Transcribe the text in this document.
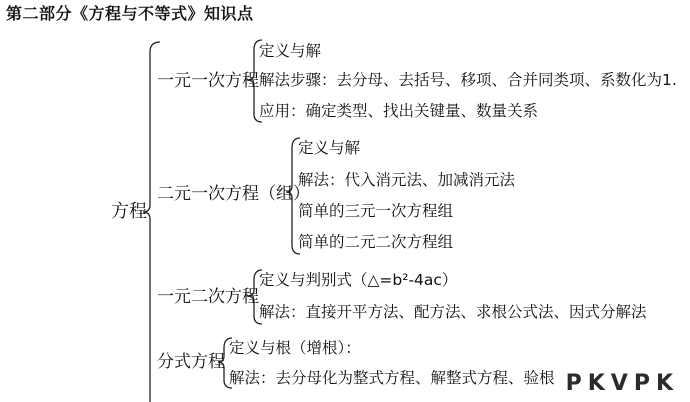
第二部分《方程与不等式》知识点
方程
一元一次方程
定义与解
解法步骤：去分母、去括号、移项、合并同类项、系数化为1.
应用：确定类型、找出关键量、数量关系
二元一次方程（组）
定义与解
解法：代入消元法、加减消元法
简单的三元一次方程组
简单的二元二次方程组
一元二次方程
定义与判别式（△=b²-4ac）
解法：直接开平方法、配方法、求根公式法、因式分解法
分式方程
定义与根（增根）：
解法：去分母化为整式方程、解整式方程、验根 PKVPK
